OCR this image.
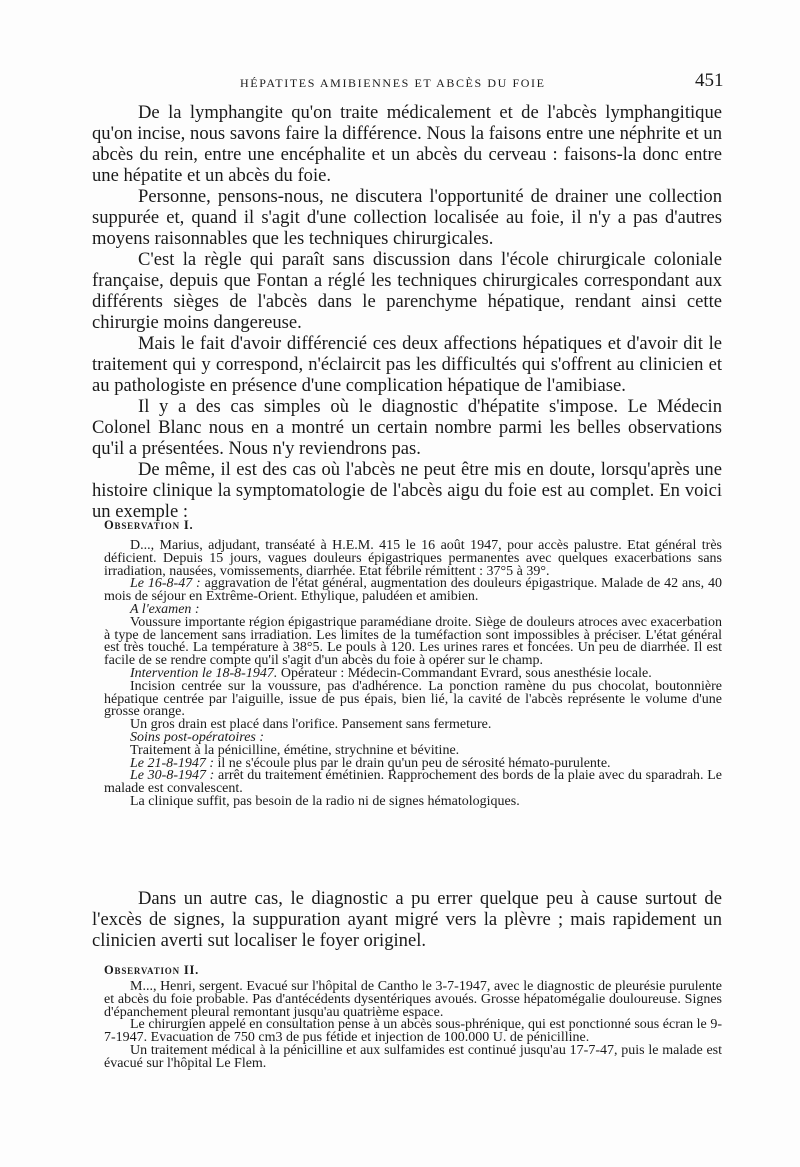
HÉPATITES AMIBIENNES ET ABCÈS DU FOIE	451

De la lymphangite qu'on traite médicalement et de l'abcès lymphangitique qu'on incise, nous savons faire la différence. Nous la faisons entre une néphrite et un abcès du rein, entre une encéphalite et un abcès du cerveau : faisons-la donc entre une hépatite et un abcès du foie.

Personne, pensons-nous, ne discutera l'opportunité de drainer une collection suppurée et, quand il s'agit d'une collection localisée au foie, il n'y a pas d'autres moyens raisonnables que les techniques chirurgicales.

C'est la règle qui paraît sans discussion dans l'école chirurgicale coloniale française, depuis que Fontan a réglé les techniques chirurgicales correspondant aux différents sièges de l'abcès dans le parenchyme hépatique, rendant ainsi cette chirurgie moins dangereuse.

Mais le fait d'avoir différencié ces deux affections hépatiques et d'avoir dit le traitement qui y correspond, n'éclaircit pas les difficultés qui s'offrent au clinicien et au pathologiste en présence d'une complication hépatique de l'amibiase.

Il y a des cas simples où le diagnostic d'hépatite s'impose. Le Médecin Colonel Blanc nous en a montré un certain nombre parmi les belles observations qu'il a présentées. Nous n'y reviendrons pas.

De même, il est des cas où l'abcès ne peut être mis en doute, lorsqu'après une histoire clinique la symptomatologie de l'abcès aigu du foie est au complet. En voici un exemple :

Observation I.

D..., Marius, adjudant, transéaté à H.E.M. 415 le 16 août 1947, pour accès palustre. Etat général très déficient. Depuis 15 jours, vagues douleurs épigastriques permanentes avec quelques exacerbations sans irradiation, nausées, vomissements, diarrhée. Etat fébrile rémittent : 37°5 à 39°.

Le 16-8-47 : aggravation de l'état général, augmentation des douleurs épigastrique. Malade de 42 ans, 40 mois de séjour en Extrême-Orient. Ethylique, paludéen et amibien.

A l'examen :

Voussure importante région épigastrique paramédiane droite. Siège de douleurs atroces avec exacerbation à type de lancement sans irradiation. Les limites de la tuméfaction sont impossibles à préciser. L'état général est très touché. La température à 38°5. Le pouls à 120. Les urines rares et foncées. Un peu de diarrhée. Il est facile de se rendre compte qu'il s'agit d'un abcès du foie à opérer sur le champ.

Intervention le 18-8-1947. Opérateur : Médecin-Commandant Evrard, sous anesthésie locale.

Incision centrée sur la voussure, pas d'adhérence. La ponction ramène du pus chocolat, boutonnière hépatique centrée par l'aiguille, issue de pus épais, bien lié, la cavité de l'abcès représente le volume d'une grosse orange.

Un gros drain est placé dans l'orifice. Pansement sans fermeture.

Soins post-opératoires :

Traitement à la pénicilline, émétine, strychnine et bévitine.

Le 21-8-1947 : il ne s'écoule plus par le drain qu'un peu de sérosité hémato-purulente.

Le 30-8-1947 : arrêt du traitement émétinien. Rapprochement des bords de la plaie avec du sparadrah. Le malade est convalescent.

La clinique suffit, pas besoin de la radio ni de signes hématologiques.

Dans un autre cas, le diagnostic a pu errer quelque peu à cause surtout de l'excès de signes, la suppuration ayant migré vers la plèvre ; mais rapidement un clinicien averti sut localiser le foyer originel.

Observation II.

M..., Henri, sergent. Evacué sur l'hôpital de Cantho le 3-7-1947, avec le diagnostic de pleurésie purulente et abcès du foie probable. Pas d'antécédents dysentériques avoués. Grosse hépatomégalie douloureuse. Signes d'épanchement pleural remontant jusqu'au quatrième espace.

Le chirurgien appelé en consultation pense à un abcès sous-phrénique, qui est ponctionné sous écran le 9-7-1947. Evacuation de 750 cm3 de pus fétide et injection de 100.000 U. de pénicilline.

Un traitement médical à la pénicilline et aux sulfamides est continué jusqu'au 17-7-47, puis le malade est évacué sur l'hôpital Le Flem.
